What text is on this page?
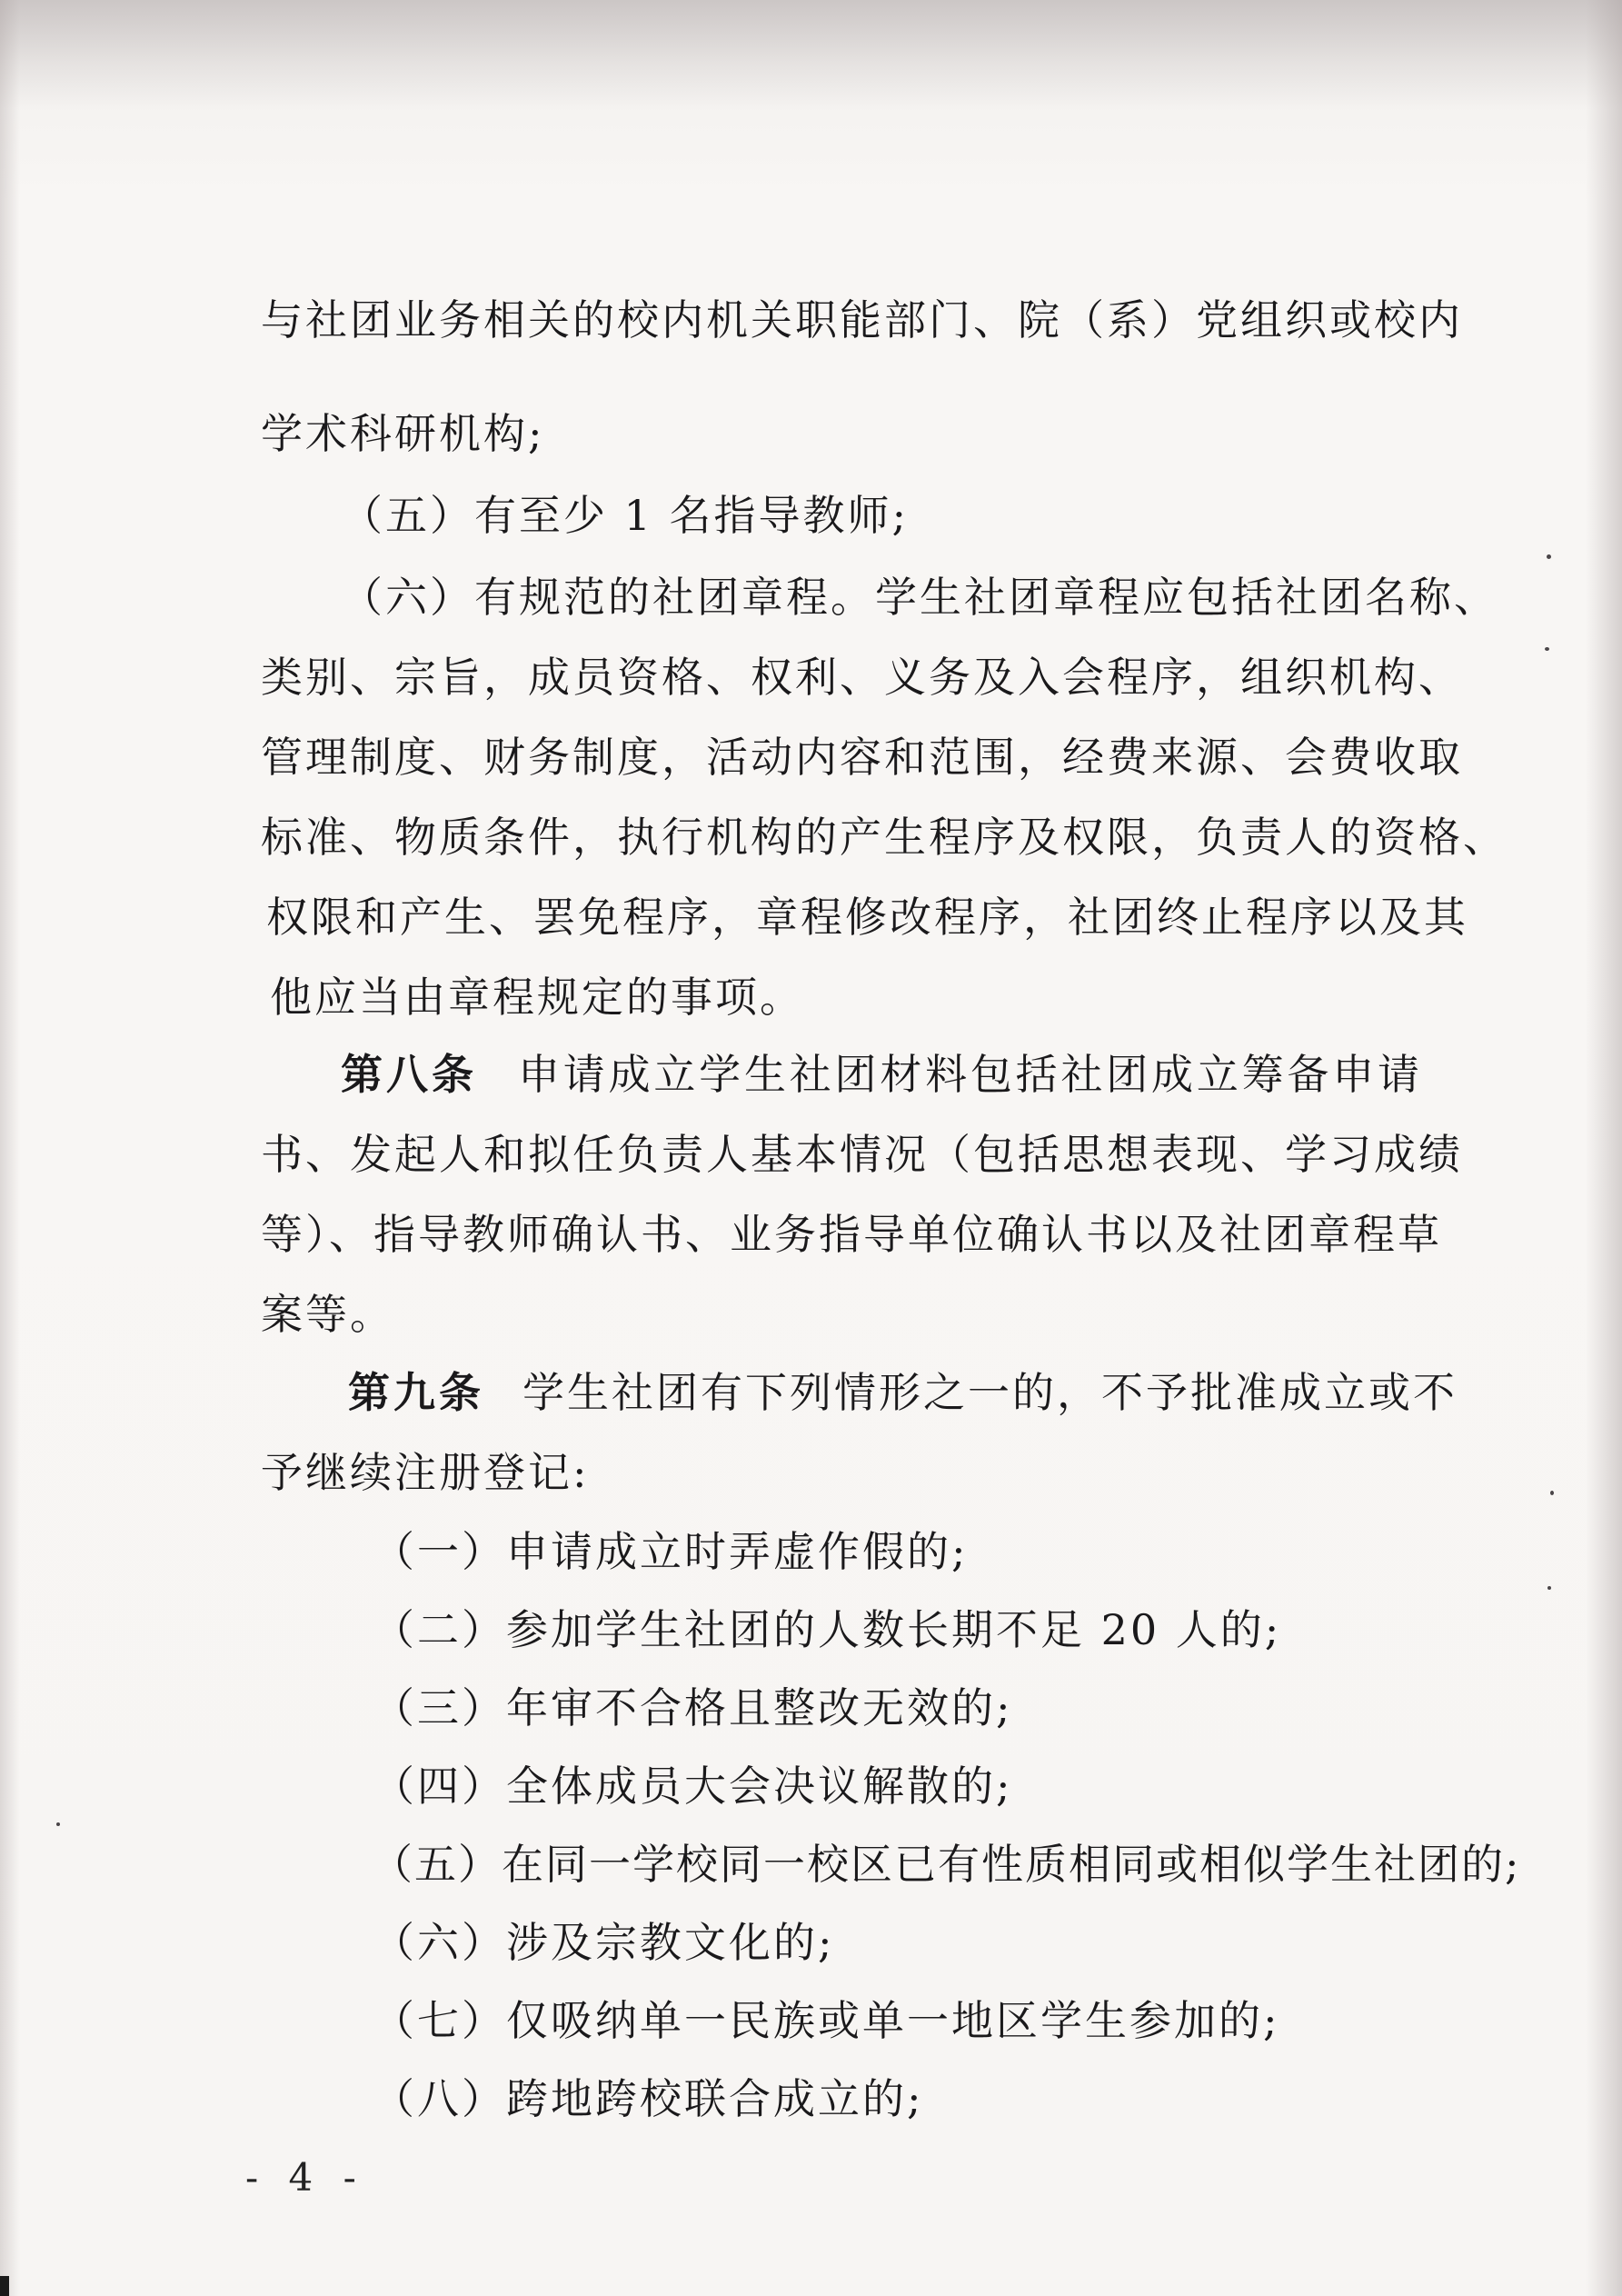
与社团业务相关的校内机关职能部门、院（系）党组织或校内
学术科研机构;
（五）有至少 1 名指导教师;
（六）有规范的社团章程。学生社团章程应包括社团名称、
类别、宗旨，成员资格、权利、义务及入会程序，组织机构、
管理制度、财务制度，活动内容和范围，经费来源、会费收取
标准、物质条件，执行机构的产生程序及权限，负责人的资格、
权限和产生、罢免程序，章程修改程序，社团终止程序以及其
他应当由章程规定的事项。
第八条 申请成立学生社团材料包括社团成立筹备申请
书、发起人和拟任负责人基本情况（包括思想表现、学习成绩
等）、指导教师确认书、业务指导单位确认书以及社团章程草
案等。
第九条 学生社团有下列情形之一的，不予批准成立或不
予继续注册登记:
（一）申请成立时弄虚作假的;
（二）参加学生社团的人数长期不足 20 人的;
（三）年审不合格且整改无效的;
（四）全体成员大会决议解散的;
（五）在同一学校同一校区已有性质相同或相似学生社团的;
（六）涉及宗教文化的;
（七）仅吸纳单一民族或单一地区学生参加的;
（八）跨地跨校联合成立的;
- 4 -
